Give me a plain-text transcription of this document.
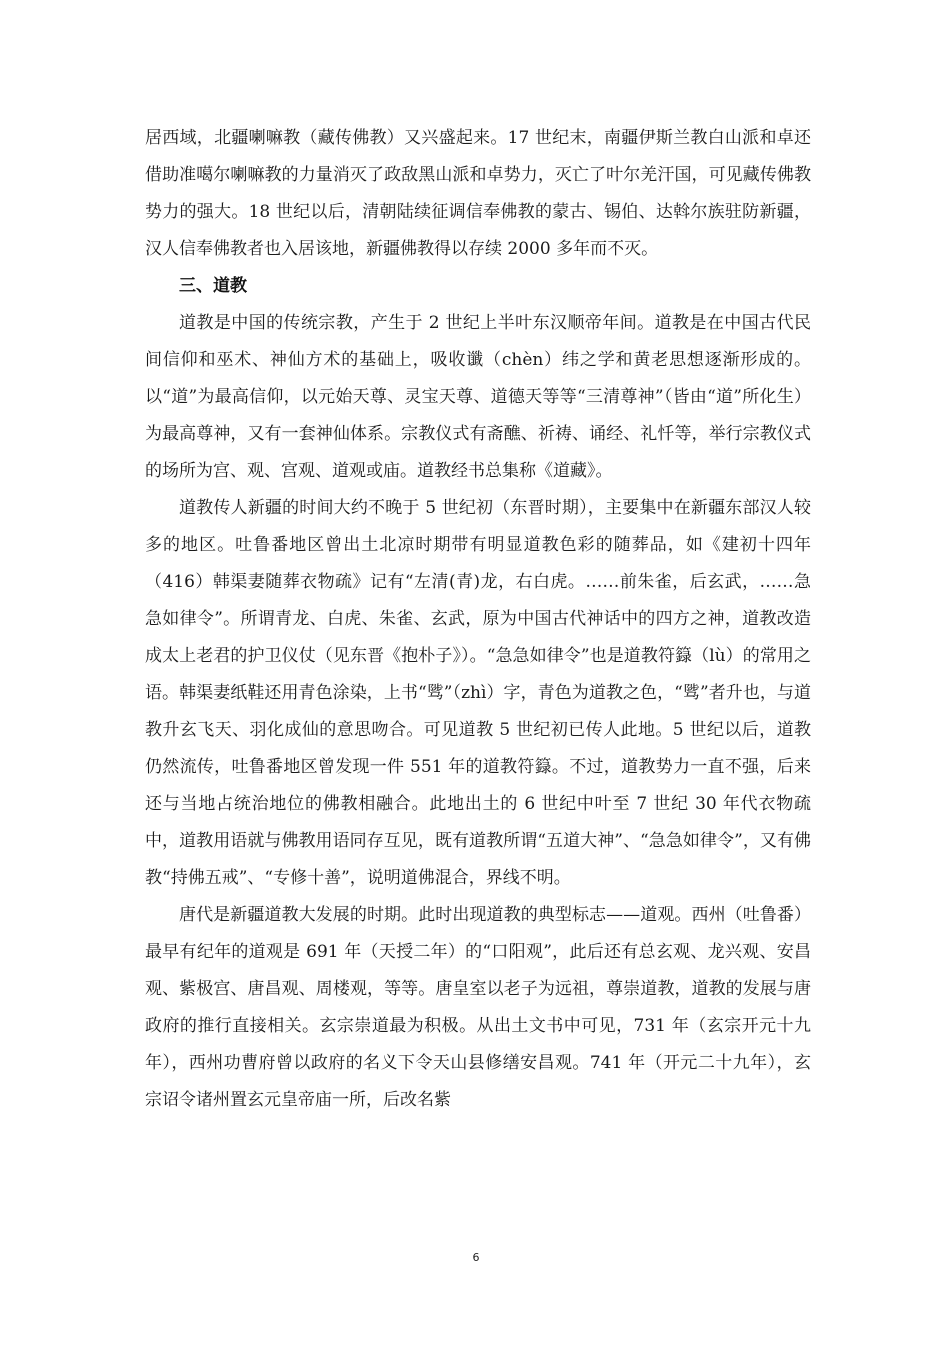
居西域，北疆喇嘛教（藏传佛教）又兴盛起来。17 世纪末，南疆伊斯兰教白山派和卓还借助准噶尔喇嘛教的力量消灭了政敌黑山派和卓势力，灭亡了叶尔羌汗国，可见藏传佛教势力的强大。18 世纪以后，清朝陆续征调信奉佛教的蒙古、锡伯、达斡尔族驻防新疆，汉人信奉佛教者也入居该地，新疆佛教得以存续 2000 多年而不灭。

三、道教

道教是中国的传统宗教，产生于 2 世纪上半叶东汉顺帝年间。道教是在中国古代民间信仰和巫术、神仙方术的基础上，吸收谶（chèn）纬之学和黄老思想逐渐形成的。以“道”为最高信仰，以元始天尊、灵宝天尊、道德天等等“三清尊神”（皆由“道”所化生）为最高尊神，又有一套神仙体系。宗教仪式有斋醮、祈祷、诵经、礼忏等，举行宗教仪式的场所为宫、观、宫观、道观或庙。道教经书总集称《道藏》。

道教传人新疆的时间大约不晚于 5 世纪初（东晋时期），主要集中在新疆东部汉人较多的地区。吐鲁番地区曾出土北凉时期带有明显道教色彩的随葬品，如《建初十四年（416）韩渠妻随葬衣物疏》记有“左清(青)龙，右白虎。……前朱雀，后玄武，……急急如律令”。所谓青龙、白虎、朱雀、玄武，原为中国古代神话中的四方之神，道教改造成太上老君的护卫仪仗（见东晋《抱朴子》）。“急急如律令”也是道教符籙（lù）的常用之语。韩渠妻纸鞋还用青色涂染，上书“骘”（zhì）字，青色为道教之色，“骘”者升也，与道教升玄飞天、羽化成仙的意思吻合。可见道教 5 世纪初已传人此地。5 世纪以后，道教仍然流传，吐鲁番地区曾发现一件 551 年的道教符籙。不过，道教势力一直不强，后来还与当地占统治地位的佛教相融合。此地出土的 6 世纪中叶至 7 世纪 30 年代衣物疏中，道教用语就与佛教用语同存互见，既有道教所谓“五道大神”、“急急如律令”，又有佛教“持佛五戒”、“专修十善”，说明道佛混合，界线不明。

唐代是新疆道教大发展的时期。此时出现道教的典型标志——道观。西州（吐鲁番）最早有纪年的道观是 691 年（天授二年）的“口阳观”，此后还有总玄观、龙兴观、安昌观、紫极宫、唐昌观、周楼观，等等。唐皇室以老子为远祖，尊崇道教，道教的发展与唐政府的推行直接相关。玄宗崇道最为积极。从出土文书中可见，731 年（玄宗开元十九年），西州功曹府曾以政府的名义下令天山县修缮安昌观。741 年（开元二十九年），玄宗诏令诸州置玄元皇帝庙一所，后改名紫

6
